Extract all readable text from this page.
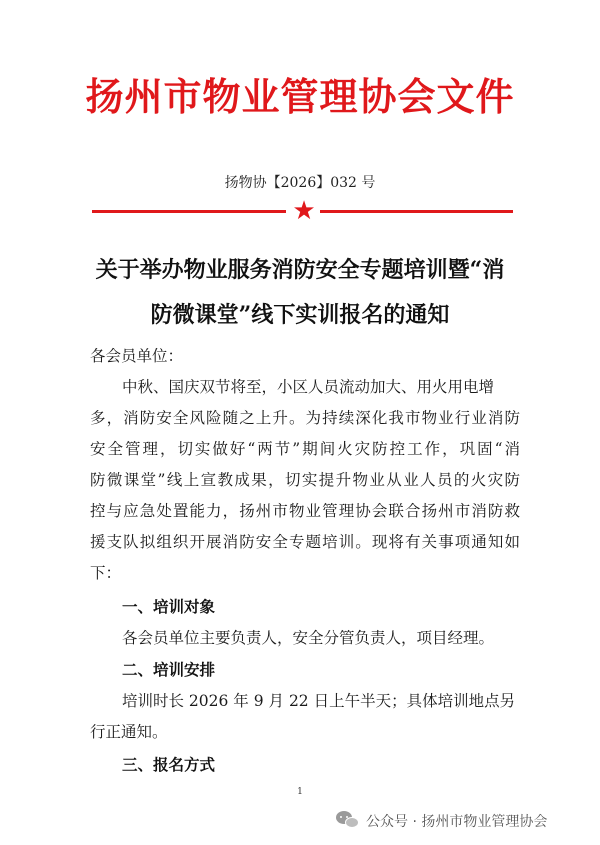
扬州市物业管理协会文件
扬物协【2026】032 号
★
关于举办物业服务消防安全专题培训暨“消
防微课堂”线下实训报名的通知
各会员单位：
中秋、国庆双节将至，小区人员流动加大、用火用电增
多，消防安全风险随之上升。为持续深化我市物业行业消防
安全管理，切实做好“两节”期间火灾防控工作，巩固“消
防微课堂”线上宣教成果，切实提升物业从业人员的火灾防
控与应急处置能力，扬州市物业管理协会联合扬州市消防救
援支队拟组织开展消防安全专题培训。现将有关事项通知如
下：
一、培训对象
各会员单位主要负责人，安全分管负责人，项目经理。
二、培训安排
培训时长 2026 年 9 月 22 日上午半天；具体培训地点另
行正通知。
三、报名方式
1
公众号 · 扬州市物业管理协会
